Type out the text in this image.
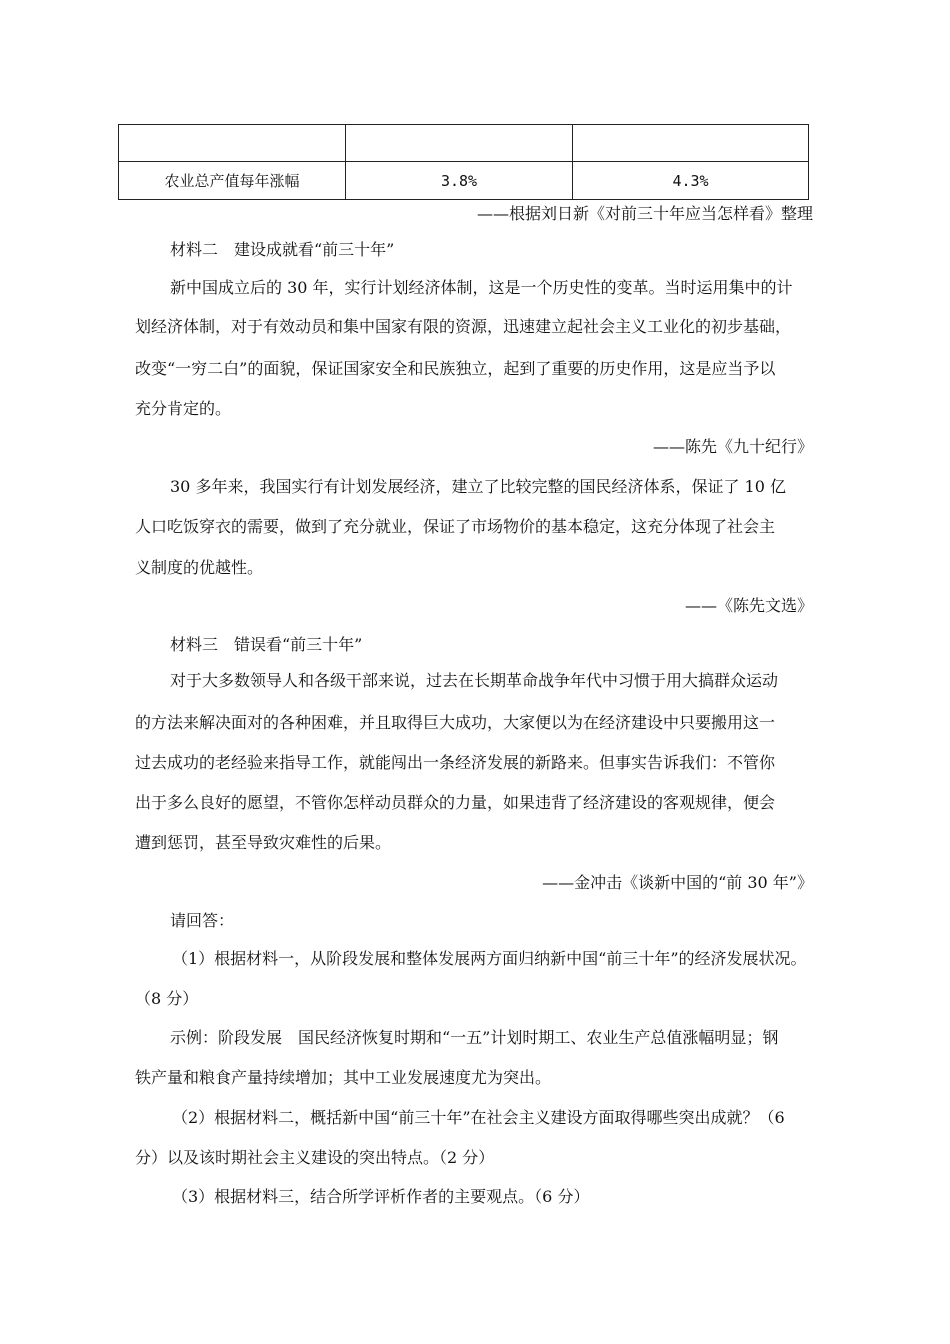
农业总产值每年涨幅	3.8%	4.3%
——根据刘日新《对前三十年应当怎样看》整理
材料二　建设成就看“前三十年”
新中国成立后的 30 年，实行计划经济体制，这是一个历史性的变革。当时运用集中的计
划经济体制，对于有效动员和集中国家有限的资源，迅速建立起社会主义工业化的初步基础，
改变“一穷二白”的面貌，保证国家安全和民族独立，起到了重要的历史作用，这是应当予以
充分肯定的。
——陈先《九十纪行》
30 多年来，我国实行有计划发展经济，建立了比较完整的国民经济体系，保证了 10 亿
人口吃饭穿衣的需要，做到了充分就业，保证了市场物价的基本稳定，这充分体现了社会主
义制度的优越性。
——《陈先文选》
材料三　错误看“前三十年”
对于大多数领导人和各级干部来说，过去在长期革命战争年代中习惯于用大搞群众运动
的方法来解决面对的各种困难，并且取得巨大成功，大家便以为在经济建设中只要搬用这一
过去成功的老经验来指导工作，就能闯出一条经济发展的新路来。但事实告诉我们：不管你
出于多么良好的愿望，不管你怎样动员群众的力量，如果违背了经济建设的客观规律，便会
遭到惩罚，甚至导致灾难性的后果。
——金冲击《谈新中国的“前 30 年”》
请回答：
（1）根据材料一，从阶段发展和整体发展两方面归纳新中国“前三十年”的经济发展状况。
（8 分）
示例：阶段发展　国民经济恢复时期和“一五”计划时期工、农业生产总值涨幅明显；钢
铁产量和粮食产量持续增加；其中工业发展速度尤为突出。
（2）根据材料二，概括新中国“前三十年”在社会主义建设方面取得哪些突出成就？（6
分）以及该时期社会主义建设的突出特点。（2 分）
（3）根据材料三，结合所学评析作者的主要观点。（6 分）
